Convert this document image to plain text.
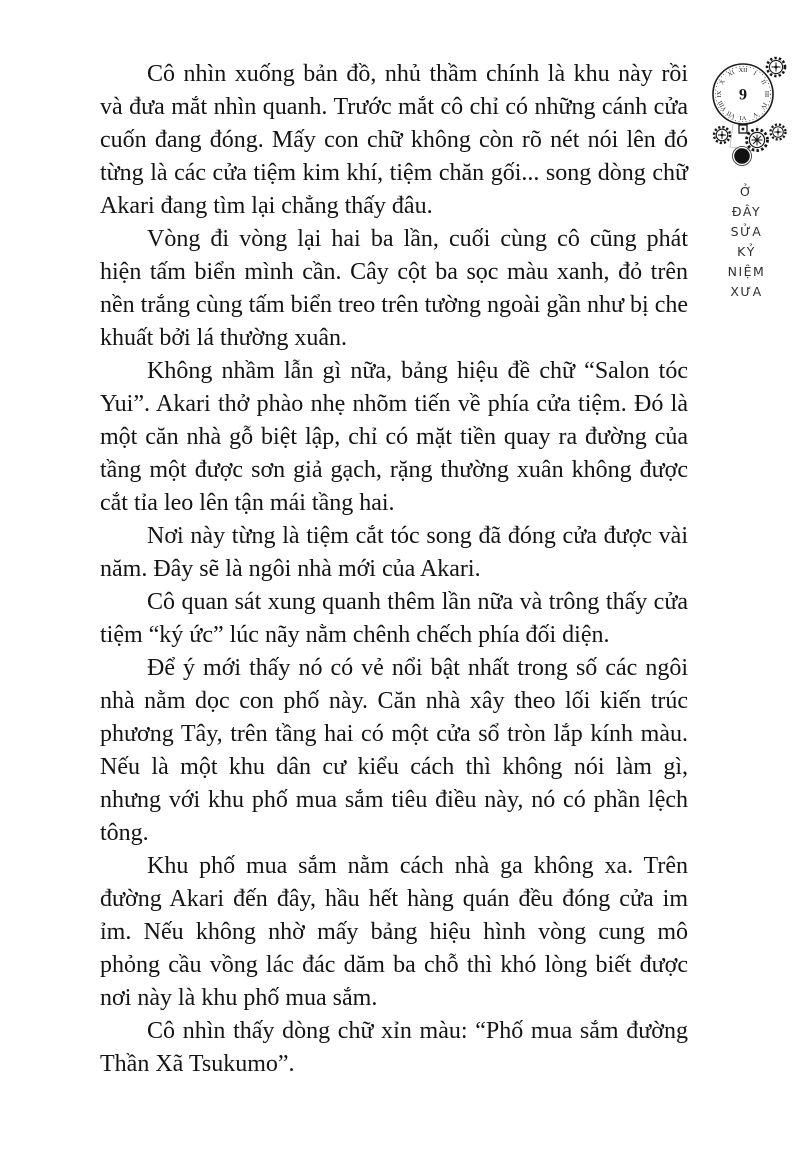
Cô nhìn xuống bản đồ, nhủ thầm chính là khu này rồi và đưa mắt nhìn quanh. Trước mắt cô chỉ có những cánh cửa cuốn đang đóng. Mấy con chữ không còn rõ nét nói lên đó từng là các cửa tiệm kim khí, tiệm chăn gối... song dòng chữ Akari đang tìm lại chẳng thấy đâu.

Vòng đi vòng lại hai ba lần, cuối cùng cô cũng phát hiện tấm biển mình cần. Cây cột ba sọc màu xanh, đỏ trên nền trắng cùng tấm biển treo trên tường ngoài gần như bị che khuất bởi lá thường xuân.

Không nhầm lẫn gì nữa, bảng hiệu đề chữ “Salon tóc Yui”. Akari thở phào nhẹ nhõm tiến về phía cửa tiệm. Đó là một căn nhà gỗ biệt lập, chỉ có mặt tiền quay ra đường của tầng một được sơn giả gạch, rặng thường xuân không được cắt tỉa leo lên tận mái tầng hai.

Nơi này từng là tiệm cắt tóc song đã đóng cửa được vài năm. Đây sẽ là ngôi nhà mới của Akari.

Cô quan sát xung quanh thêm lần nữa và trông thấy cửa tiệm “ký ức” lúc nãy nằm chênh chếch phía đối diện.

Để ý mới thấy nó có vẻ nổi bật nhất trong số các ngôi nhà nằm dọc con phố này. Căn nhà xây theo lối kiến trúc phương Tây, trên tầng hai có một cửa sổ tròn lắp kính màu. Nếu là một khu dân cư kiểu cách thì không nói làm gì, nhưng với khu phố mua sắm tiêu điều này, nó có phần lệch tông.

Khu phố mua sắm nằm cách nhà ga không xa. Trên đường Akari đến đây, hầu hết hàng quán đều đóng cửa im ỉm. Nếu không nhờ mấy bảng hiệu hình vòng cung mô phỏng cầu vồng lác đác dăm ba chỗ thì khó lòng biết được nơi này là khu phố mua sắm.

Cô nhìn thấy dòng chữ xỉn màu: “Phố mua sắm đường Thần Xã Tsukumo”.

XII I
II
III
IV
V
VI
VII
VIII
IX
X
XI
9
Ở
ĐÂY
SỬA
KỶ
NIỆM
XƯA
